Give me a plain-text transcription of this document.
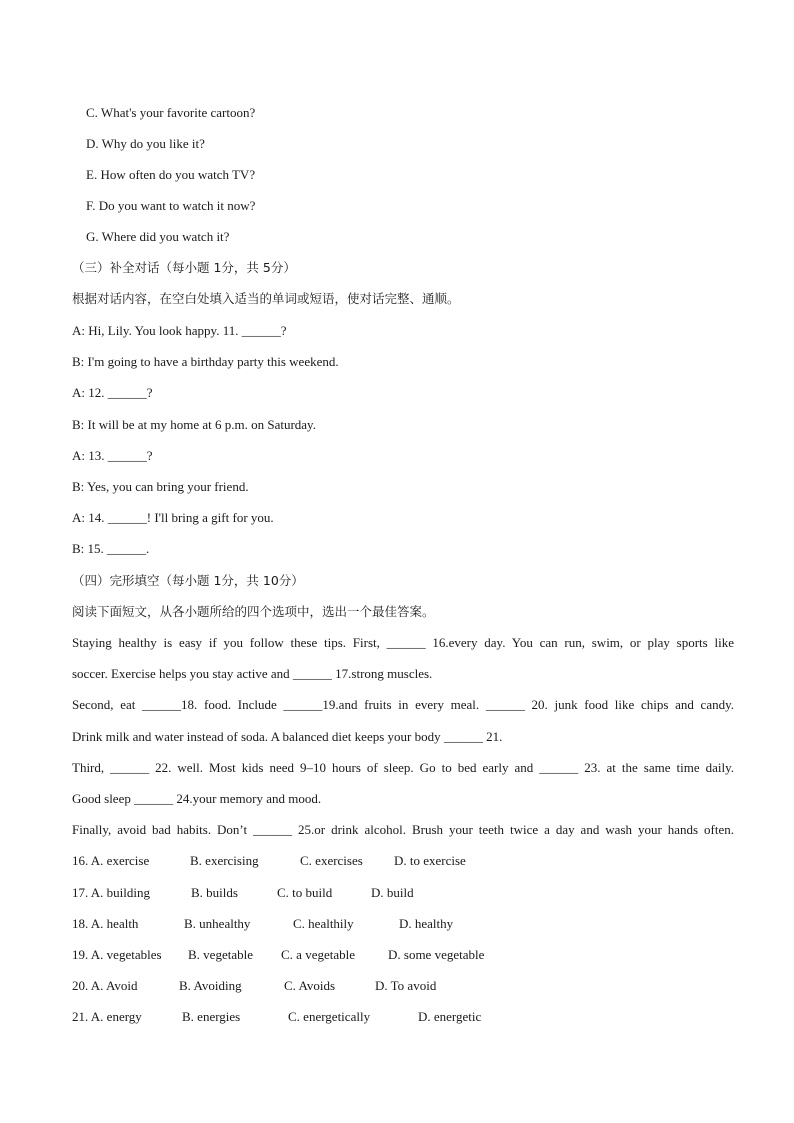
C. What's your favorite cartoon?
D. Why do you like it?
E. How often do you watch TV?
F. Do you want to watch it now?
G. Where did you watch it?
（三）补全对话（每小题 1分，共 5分）
根据对话内容，在空白处填入适当的单词或短语，使对话完整、通顺。
A: Hi, Lily. You look happy. 11. ______?
B: I'm going to have a birthday party this weekend.
A: 12. ______?
B: It will be at my home at 6 p.m. on Saturday.
A: 13. ______?
B: Yes, you can bring your friend.
A: 14. ______! I'll bring a gift for you.
B: 15. ______.
（四）完形填空（每小题 1分，共 10分）
阅读下面短文，从各小题所给的四个选项中，选出一个最佳答案。
Staying healthy is easy if you follow these tips. First, ______ 16.every day. You can run, swim, or play sports like
soccer. Exercise helps you stay active and ______ 17.strong muscles.
Second, eat ______18. food. Include ______19.and fruits in every meal. ______ 20. junk food like chips and candy.
Drink milk and water instead of soda. A balanced diet keeps your body ______ 21.
Third, ______ 22. well. Most kids need 9–10 hours of sleep. Go to bed early and ______ 23. at the same time daily.
Good sleep ______ 24.your memory and mood.
Finally, avoid bad habits. Don’t ______ 25.or drink alcohol. Brush your teeth twice a day and wash your hands often.
16. A. exercise	B. exercising	C. exercises D. to exercise
17. A. building	B. builds	C. to build	D. build
18. A. health	B. unhealthy	C. healthily	D. healthy
19. A. vegetables B. vegetable C. a vegetable	D. some vegetable
20. A. Avoid	B. Avoiding	C. Avoids	D. To avoid
21. A. energy	B. energies	C. energetically	D. energetic
